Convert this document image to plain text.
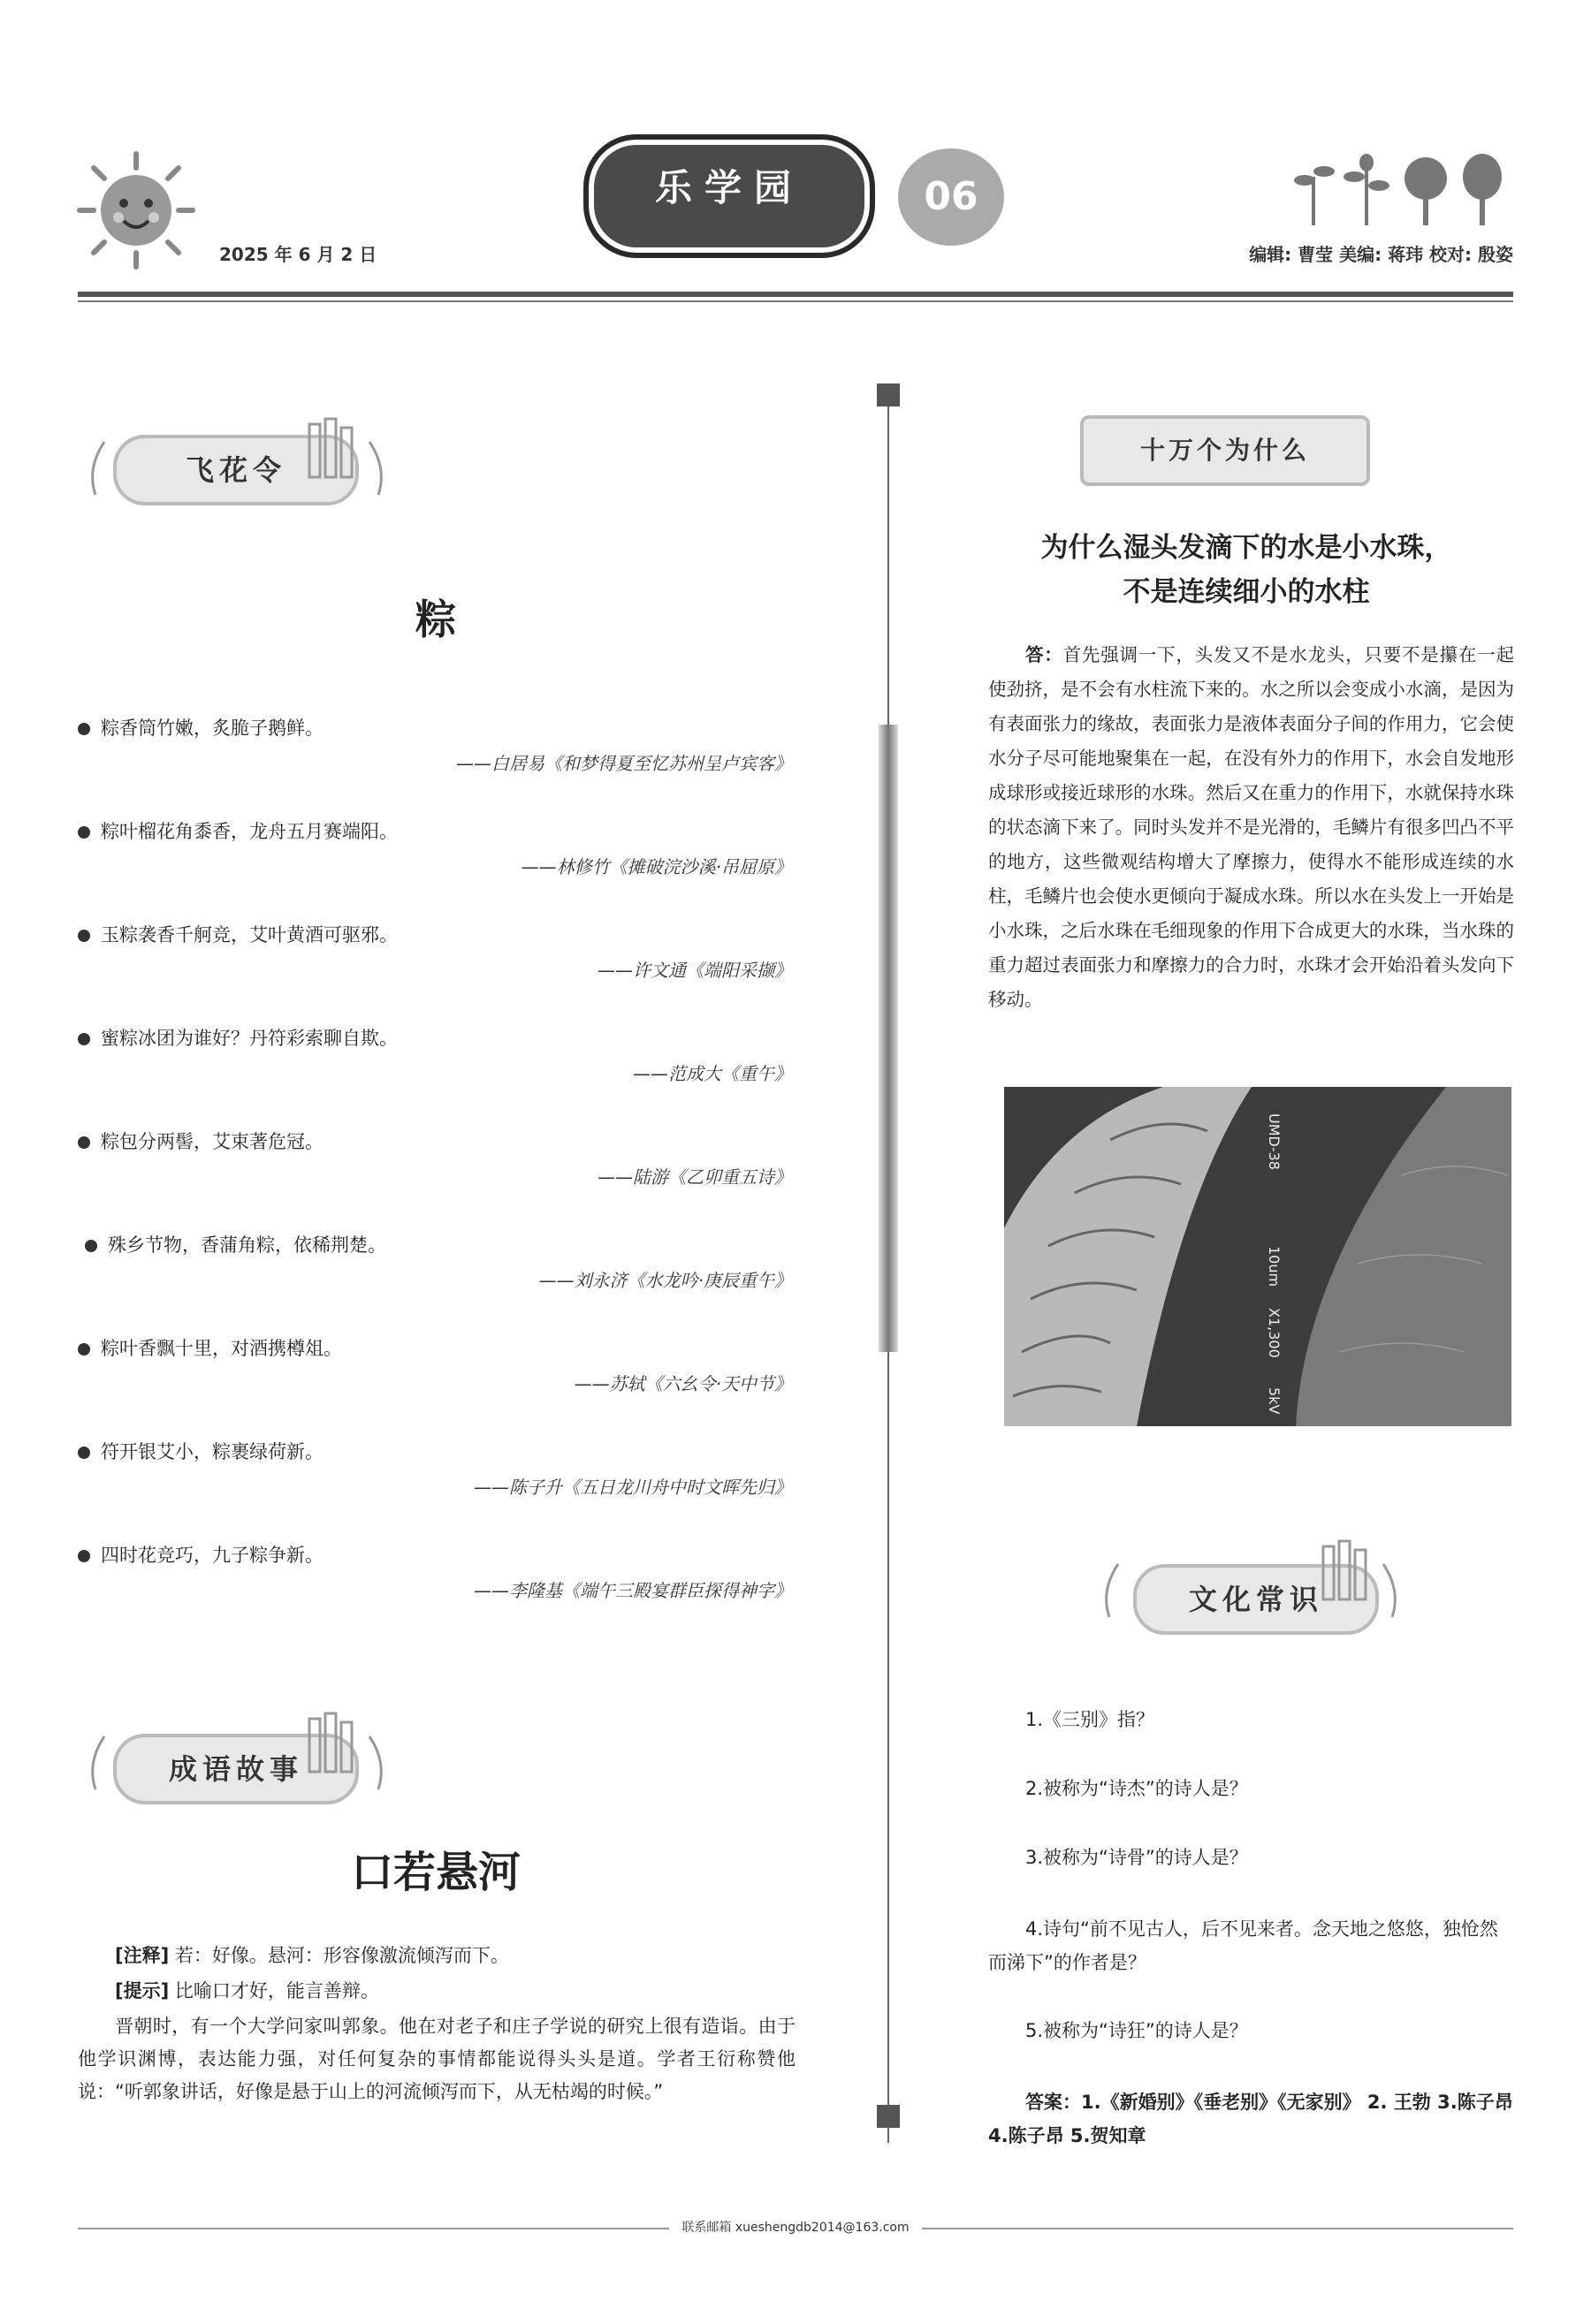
2025 年 6 月 2 日
乐学园	06
编辑: 曹莹 美编: 蒋玮 校对: 殷姿
飞花令
粽
粽香筒竹嫩，炙脆子鹅鲜。
——白居易《和梦得夏至忆苏州呈卢宾客》
粽叶榴花角黍香，龙舟五月赛端阳。
——林修竹《摊破浣沙溪·吊屈原》
玉粽袭香千舸竞，艾叶黄酒可驱邪。
——许文通《端阳采撷》
蜜粽冰团为谁好？丹符彩索聊自欺。
——范成大《重午》
粽包分两髻，艾束著危冠。
——陆游《乙卯重五诗》
殊乡节物，香蒲角粽，依稀荆楚。
——刘永济《水龙吟·庚辰重午》
粽叶香飘十里，对酒携樽俎。
——苏轼《六幺令·天中节》
符开银艾小，粽裹绿荷新。
——陈子升《五日龙川舟中时文晖先归》
四时花竞巧，九子粽争新。
——李隆基《端午三殿宴群臣探得神字》
成语故事
口若悬河
[注释] 若：好像。悬河：形容像激流倾泻而下。
[提示] 比喻口才好，能言善辩。
晋朝时，有一个大学问家叫郭象。他在对老子和庄子学说的研究上很有造诣。由于他学识渊博，表达能力强，对任何复杂的事情都能说得头头是道。学者王衍称赞他说：“听郭象讲话，好像是悬于山上的河流倾泻而下，从无枯竭的时候。”
十万个为什么
为什么湿头发滴下的水是小水珠，
不是连续细小的水柱
答：首先强调一下，头发又不是水龙头，只要不是攥在一起使劲挤，是不会有水柱流下来的。水之所以会变成小水滴，是因为有表面张力的缘故，表面张力是液体表面分子间的作用力，它会使水分子尽可能地聚集在一起，在没有外力的作用下，水会自发地形成球形或接近球形的水珠。然后又在重力的作用下，水就保持水珠的状态滴下来了。同时头发并不是光滑的，毛鳞片有很多凹凸不平的地方，这些微观结构增大了摩擦力，使得水不能形成连续的水柱，毛鳞片也会使水更倾向于凝成水珠。所以水在头发上一开始是小水珠，之后水珠在毛细现象的作用下合成更大的水珠，当水珠的重力超过表面张力和摩擦力的合力时，水珠才会开始沿着头发向下移动。
UMD-38
10um
X1,300
5kV
文化常识
1.《三别》指？
2.被称为“诗杰”的诗人是？
3.被称为“诗骨”的诗人是？
4.诗句“前不见古人，后不见来者。念天地之悠悠，独怆然而涕下”的作者是？
5.被称为“诗狂”的诗人是？
答案：1.《新婚别》《垂老别》《无家别》 2. 王勃 3.陈子昂
4.陈子昂 5.贺知章
联系邮箱 xueshengdb2014@163.com
